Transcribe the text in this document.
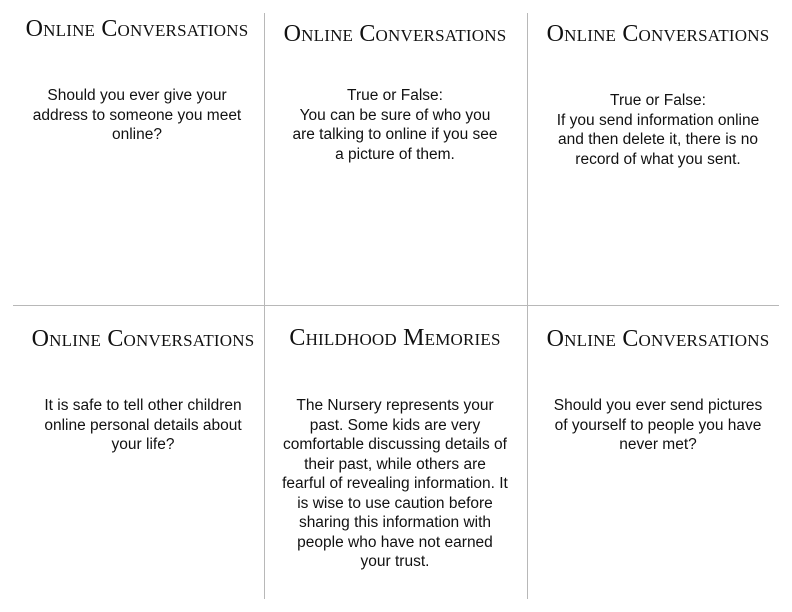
Online Conversations

Should you ever give your address to someone you meet online?

Online Conversations

True or False:
You can be sure of who you are talking to online if you see a picture of them.

Online Conversations

True or False:
If you send information online and then delete it, there is no record of what you sent.

Online Conversations

It is safe to tell other children online personal details about your life?

Childhood Memories

The Nursery represents your past. Some kids are very comfortable discussing details of their past, while others are fearful of revealing information. It is wise to use caution before sharing this information with people who have not earned your trust.

Online Conversations

Should you ever send pictures of yourself to people you have never met?
